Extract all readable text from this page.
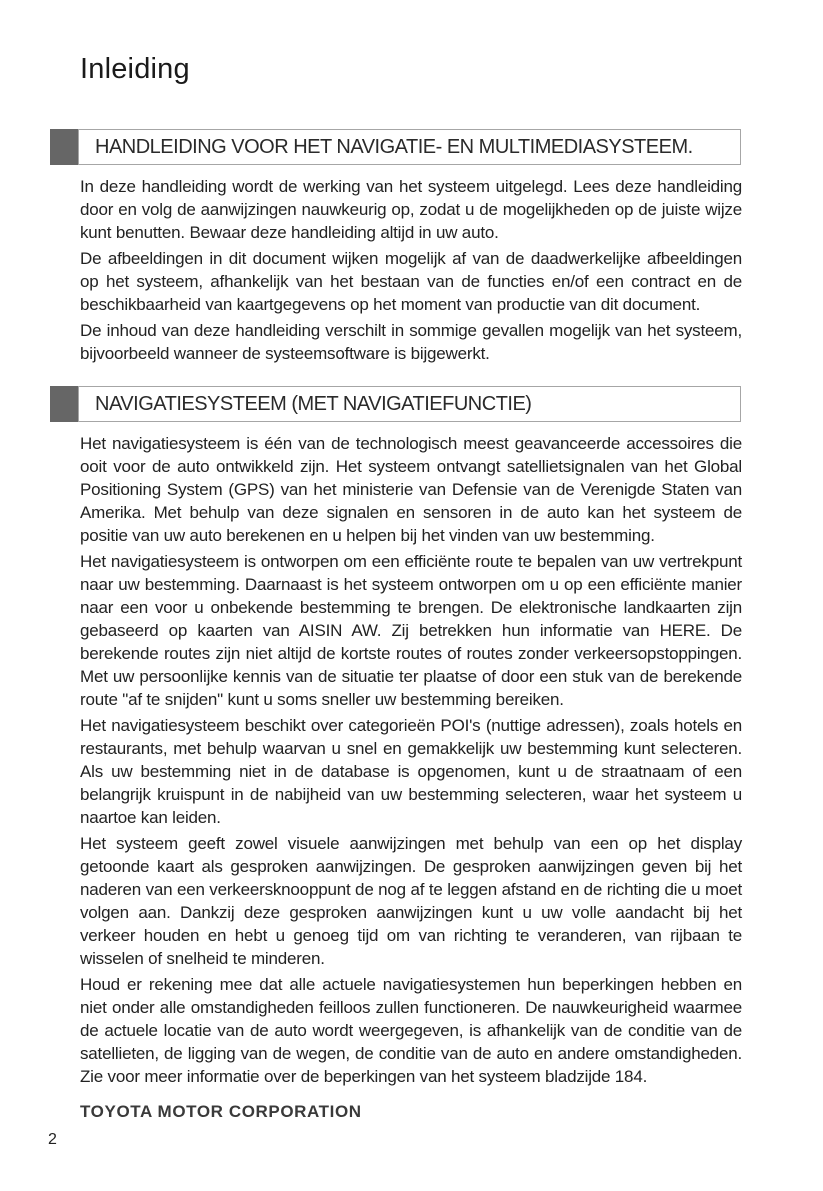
Inleiding
HANDLEIDING VOOR HET NAVIGATIE- EN MULTIMEDIASYSTEEM.

In deze handleiding wordt de werking van het systeem uitgelegd. Lees deze handleiding door en volg de aanwijzingen nauwkeurig op, zodat u de mogelijkheden op de juiste wijze kunt benutten. Bewaar deze handleiding altijd in uw auto.

De afbeeldingen in dit document wijken mogelijk af van de daadwerkelijke afbeeldingen op het systeem, afhankelijk van het bestaan van de functies en/of een contract en de beschikbaarheid van kaartgegevens op het moment van productie van dit document.

De inhoud van deze handleiding verschilt in sommige gevallen mogelijk van het systeem, bijvoorbeeld wanneer de systeemsoftware is bijgewerkt.

NAVIGATIESYSTEEM (MET NAVIGATIEFUNCTIE)

Het navigatiesysteem is één van de technologisch meest geavanceerde accessoires die ooit voor de auto ontwikkeld zijn. Het systeem ontvangt satellietsignalen van het Global Positioning System (GPS) van het ministerie van Defensie van de Verenigde Staten van Amerika. Met behulp van deze signalen en sensoren in de auto kan het systeem de positie van uw auto berekenen en u helpen bij het vinden van uw bestemming.

Het navigatiesysteem is ontworpen om een efficiënte route te bepalen van uw vertrekpunt naar uw bestemming. Daarnaast is het systeem ontworpen om u op een efficiënte manier naar een voor u onbekende bestemming te brengen. De elektronische landkaarten zijn gebaseerd op kaarten van AISIN AW. Zij betrekken hun informatie van HERE. De berekende routes zijn niet altijd de kortste routes of routes zonder verkeersopstoppingen. Met uw persoonlijke kennis van de situatie ter plaatse of door een stuk van de berekende route "af te snijden" kunt u soms sneller uw bestemming bereiken.

Het navigatiesysteem beschikt over categorieën POI's (nuttige adressen), zoals hotels en restaurants, met behulp waarvan u snel en gemakkelijk uw bestemming kunt selecteren. Als uw bestemming niet in de database is opgenomen, kunt u de straatnaam of een belangrijk kruispunt in de nabijheid van uw bestemming selecteren, waar het systeem u naartoe kan leiden.

Het systeem geeft zowel visuele aanwijzingen met behulp van een op het display getoonde kaart als gesproken aanwijzingen. De gesproken aanwijzingen geven bij het naderen van een verkeersknooppunt de nog af te leggen afstand en de richting die u moet volgen aan. Dankzij deze gesproken aanwijzingen kunt u uw volle aandacht bij het verkeer houden en hebt u genoeg tijd om van richting te veranderen, van rijbaan te wisselen of snelheid te minderen.

Houd er rekening mee dat alle actuele navigatiesystemen hun beperkingen hebben en niet onder alle omstandigheden feilloos zullen functioneren. De nauwkeurigheid waarmee de actuele locatie van de auto wordt weergegeven, is afhankelijk van de conditie van de satellieten, de ligging van de wegen, de conditie van de auto en andere omstandigheden. Zie voor meer informatie over de beperkingen van het systeem bladzijde 184.

TOYOTA MOTOR CORPORATION
2
